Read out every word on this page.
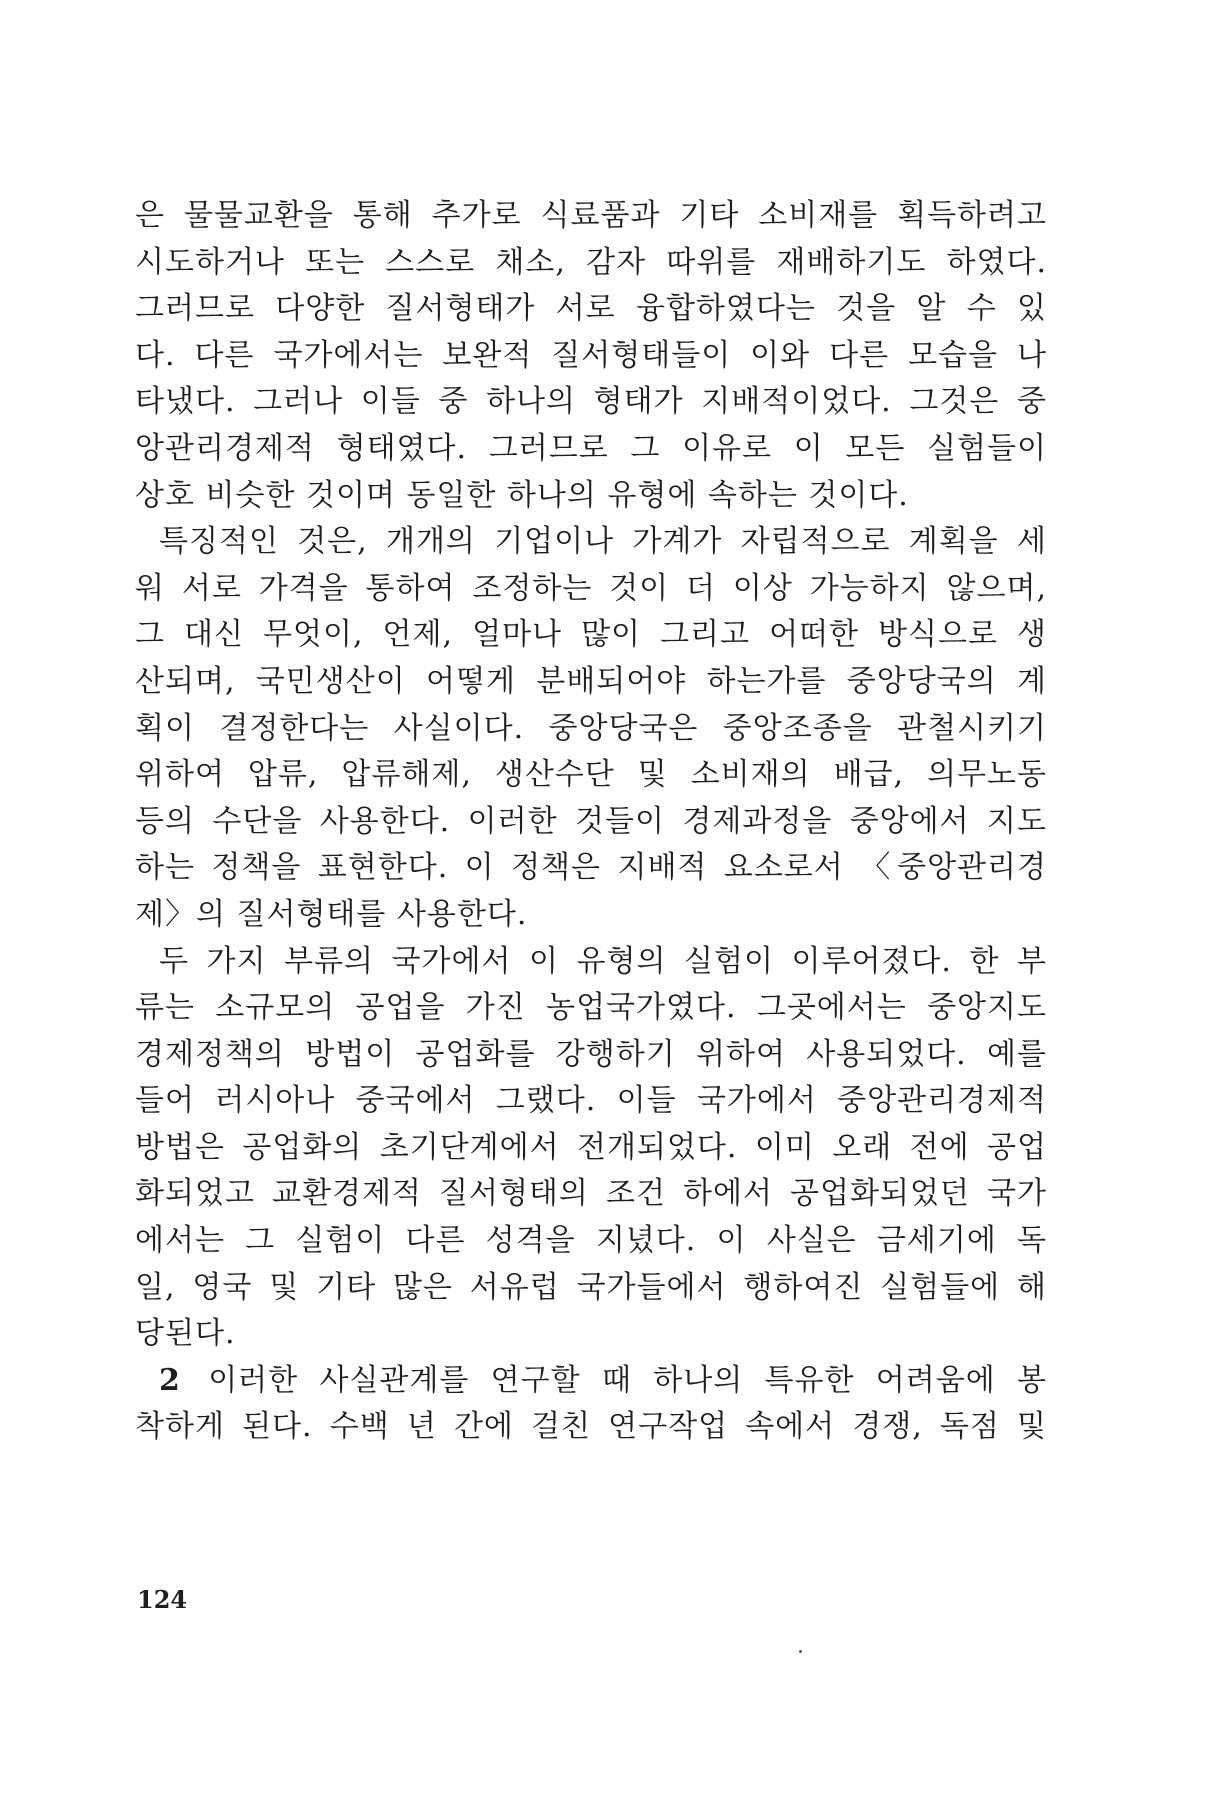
은 물물교환을 통해 추가로 식료품과 기타 소비재를 획득하려고
시도하거나 또는 스스로 채소, 감자 따위를 재배하기도 하였다.
그러므로 다양한 질서형태가 서로 융합하였다는 것을 알 수 있
다. 다른 국가에서는 보완적 질서형태들이 이와 다른 모습을 나
타냈다. 그러나 이들 중 하나의 형태가 지배적이었다. 그것은 중
앙관리경제적 형태였다. 그러므로 그 이유로 이 모든 실험들이
상호 비슷한 것이며 동일한 하나의 유형에 속하는 것이다.
특징적인 것은, 개개의 기업이나 가계가 자립적으로 계획을 세
워 서로 가격을 통하여 조정하는 것이 더 이상 가능하지 않으며,
그 대신 무엇이, 언제, 얼마나 많이 그리고 어떠한 방식으로 생
산되며, 국민생산이 어떻게 분배되어야 하는가를 중앙당국의 계
획이 결정한다는 사실이다. 중앙당국은 중앙조종을 관철시키기
위하여 압류, 압류해제, 생산수단 및 소비재의 배급, 의무노동
등의 수단을 사용한다. 이러한 것들이 경제과정을 중앙에서 지도
하는 정책을 표현한다. 이 정책은 지배적 요소로서 〈중앙관리경
제〉의 질서형태를 사용한다.
두 가지 부류의 국가에서 이 유형의 실험이 이루어졌다. 한 부
류는 소규모의 공업을 가진 농업국가였다. 그곳에서는 중앙지도
경제정책의 방법이 공업화를 강행하기 위하여 사용되었다. 예를
들어 러시아나 중국에서 그랬다. 이들 국가에서 중앙관리경제적
방법은 공업화의 초기단계에서 전개되었다. 이미 오래 전에 공업
화되었고 교환경제적 질서형태의 조건 하에서 공업화되었던 국가
에서는 그 실험이 다른 성격을 지녔다. 이 사실은 금세기에 독
일, 영국 및 기타 많은 서유럽 국가들에서 행하여진 실험들에 해
당된다.
2 이러한 사실관계를 연구할 때 하나의 특유한 어려움에 봉
착하게 된다. 수백 년 간에 걸친 연구작업 속에서 경쟁, 독점 및
124
